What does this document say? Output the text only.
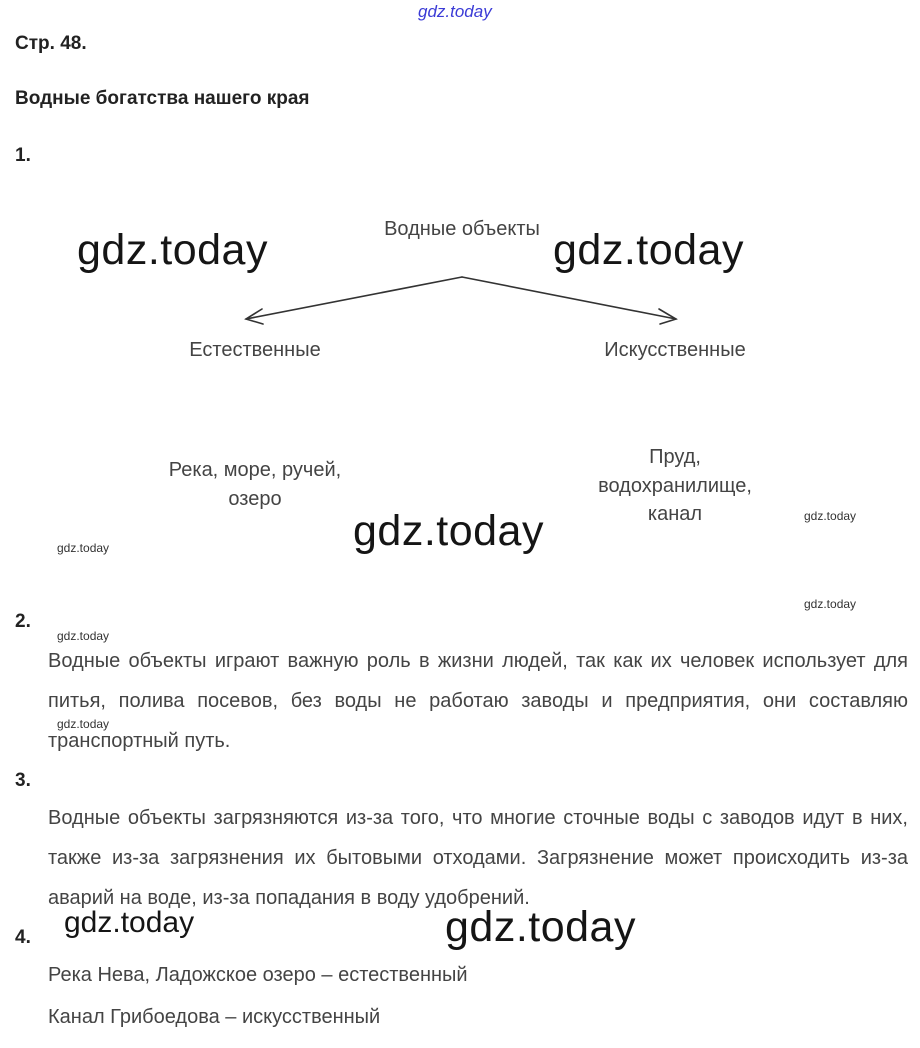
gdz.today
Стр. 48.
Водные богатства нашего края
1.
Водные объекты
Естественные	Искусственные
Река, море, ручей,
озеро
Пруд,
водохранилище,
канал
gdz.today	gdz.today
gdz.today
gdz.today	gdz.today
gdz.today
gdz.today
gdz.today
gdz.today
gdz.today
2.
Водные объекты играют важную роль в жизни людей, так как их человек использует для питья, полива посевов, без воды не работаю заводы и предприятия, они составляю транспортный путь.
3.
Водные объекты загрязняются из-за того, что многие сточные воды с заводов идут в них, также из-за загрязнения их бытовыми отходами. Загрязнение может происходить из-за аварий на воде, из-за попадания в воду удобрений.
4.
Река Нева, Ладожское озеро – естественный
Канал Грибоедова – искусственный
